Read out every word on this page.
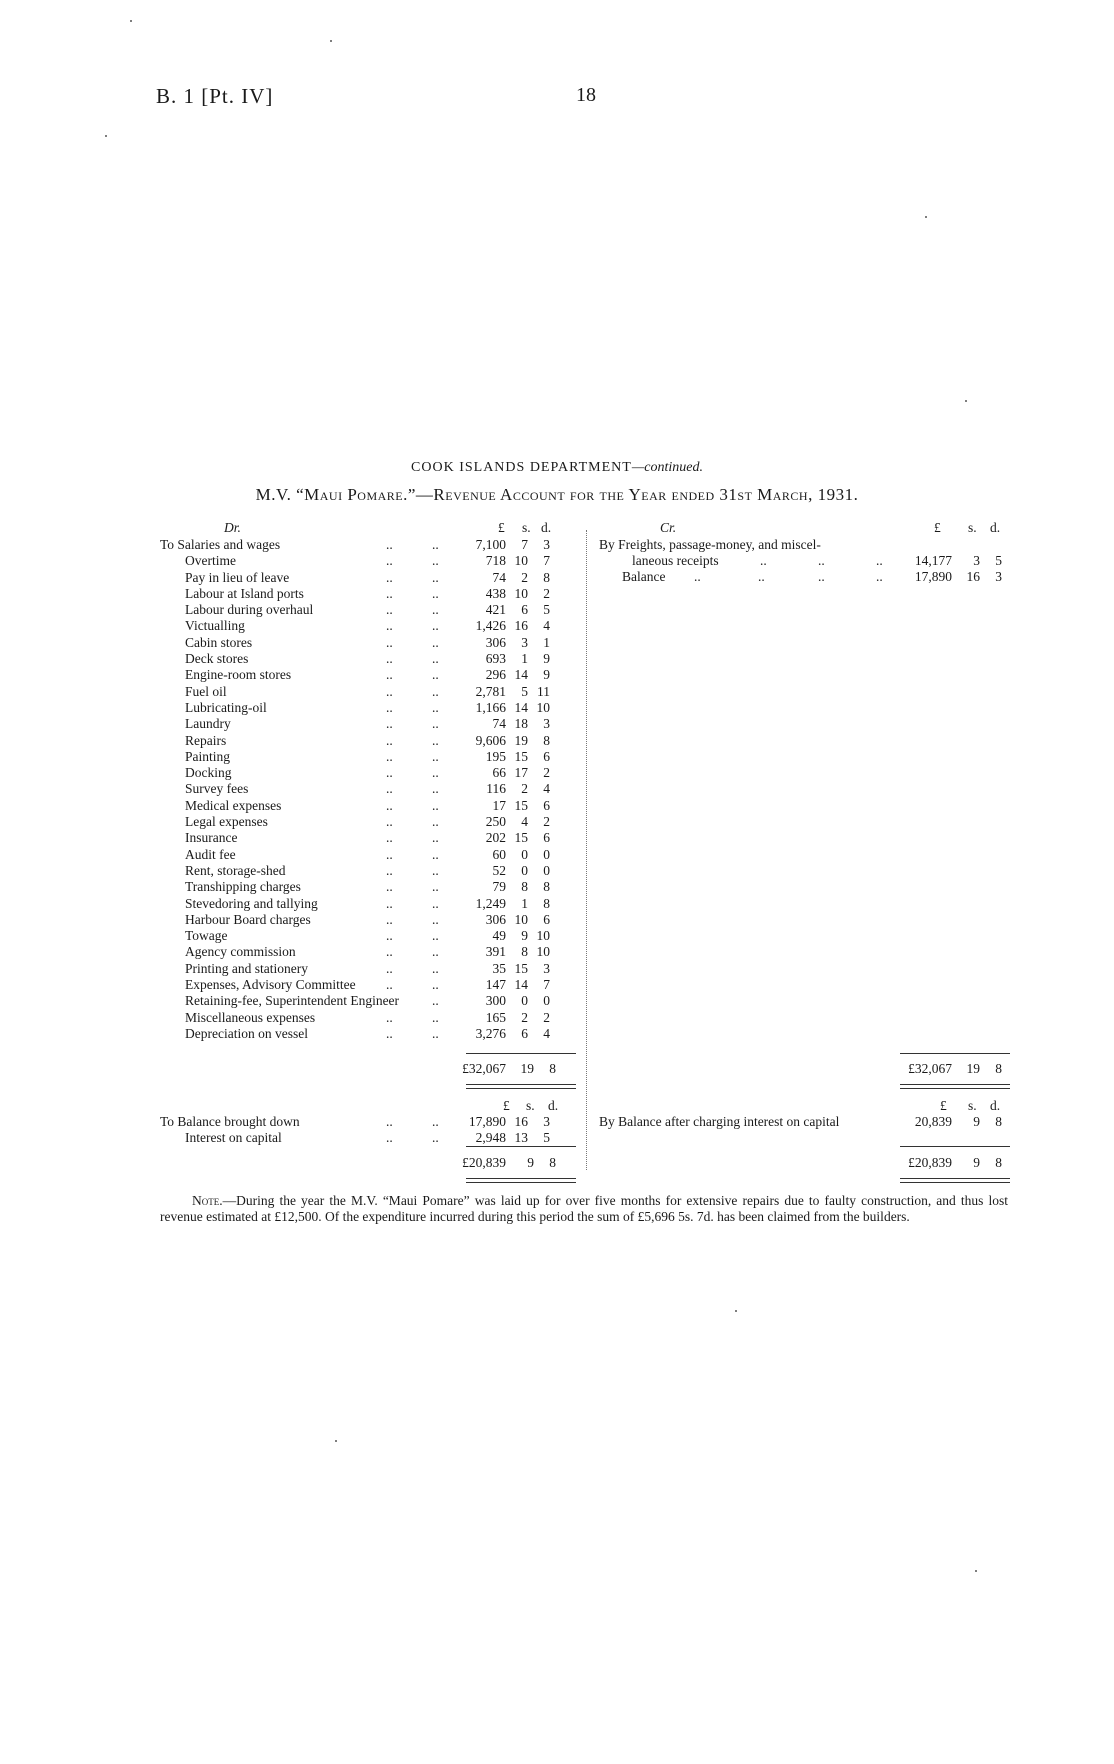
B. 1 [Pt. IV]	18
COOK ISLANDS DEPARTMENT—continued.
M.V. “Maui Pomare.”—Revenue Account for the Year ended 31st March, 1931.
Dr.	£ s. d.	Cr.	£ s. d.
To Salaries and wages	..	..	7,100	7	3
Overtime	..	..	718 10	7
Pay in lieu of leave	..	..	74	2	8
Labour at Island ports	..	..	438 10	2
Labour during overhaul	..	..	421	6	5
Victualling	..	..	1,426 16	4
Cabin stores	..	..	306	3	1
Deck stores	..	..	693	1	9
Engine-room stores	..	..	296 14	9
Fuel oil	..	..	2,781	5 11
Lubricating-oil	..	..	1,166 14 10
Laundry	..	..	74 18	3
Repairs	..	..	9,606 19	8
Painting	..	..	195 15	6
Docking	..	..	66 17	2
Survey fees	..	..	116	2	4
Medical expenses	..	..	17 15	6
Legal expenses	..	..	250	4	2
Insurance	..	..	202 15	6
Audit fee	..	..	60	0	0
Rent, storage-shed	..	..	52	0	0
Transhipping charges	..	..	79	8	8
Stevedoring and tallying	..	..	1,249	1	8
Harbour Board charges	..	..	306 10	6
Towage	..	..	49	9 10
Agency commission	..	..	391	8 10
Printing and stationery	..	..	35 15	3
Expenses, Advisory Committee ..	..	147 14	7
Retaining-fee, Superintendent Engineer ..	300	0	0
Miscellaneous expenses	..	..	165	2	2
Depreciation on vessel	..	..	3,276	6	4
£32,067	19	8
£ s. d.
To Balance brought down	..	..	17,890 16	3
Interest on capital	..	..	2,948 13	5
£20,839	9	8
By Freights, passage-money, and miscel-
laneous receipts	..	..	..	14,177	3	5
Balance ..	..	..	..	17,890	16	3
£32,067	19	8
£ s. d.
By Balance after charging interest on capital	20,839	9	8
£20,839	9	8
Note.—During the year the M.V. “Maui Pomare” was laid up for over five months for extensive repairs due to faulty construction, and thus lost revenue estimated at £12,500. Of the expenditure incurred during this period the sum of £5,696 5s. 7d. has been claimed from the builders.
